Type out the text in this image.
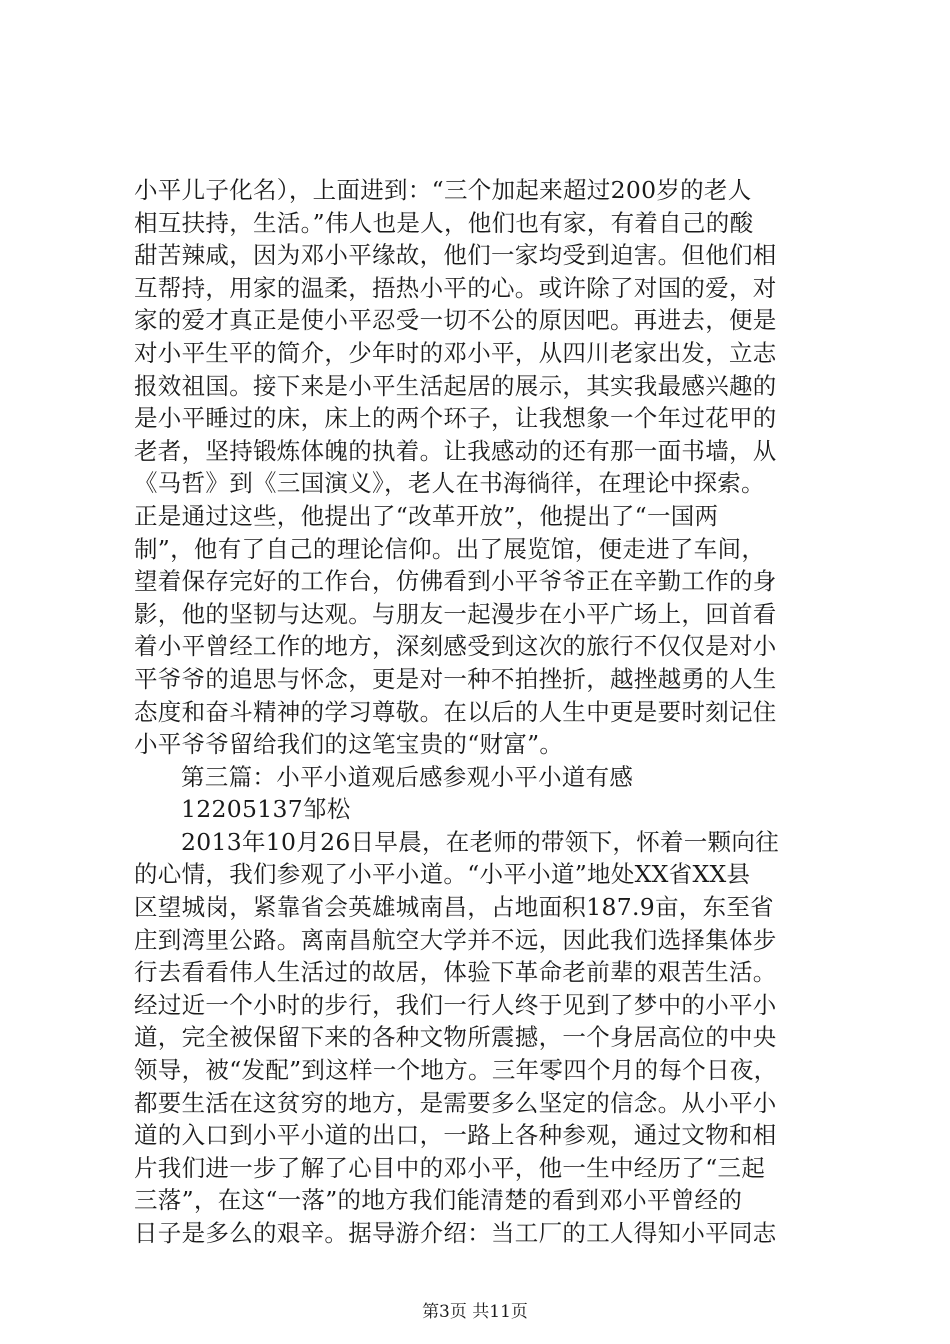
小平儿子化名），上面进到：“三个加起来超过200岁的老人
相互扶持，生活。”伟人也是人，他们也有家，有着自己的酸
甜苦辣咸，因为邓小平缘故，他们一家均受到迫害。但他们相
互帮持，用家的温柔，捂热小平的心。或许除了对国的爱，对
家的爱才真正是使小平忍受一切不公的原因吧。再进去，便是
对小平生平的简介，少年时的邓小平，从四川老家出发，立志
报效祖国。接下来是小平生活起居的展示，其实我最感兴趣的
是小平睡过的床，床上的两个环子，让我想象一个年过花甲的
老者，坚持锻炼体魄的执着。让我感动的还有那一面书墙，从
《马哲》到《三国演义》，老人在书海徜徉，在理论中探索。
正是通过这些，他提出了“改革开放”，他提出了“一国两
制”，他有了自己的理论信仰。出了展览馆，便走进了车间，
望着保存完好的工作台，仿佛看到小平爷爷正在辛勤工作的身
影，他的坚韧与达观。与朋友一起漫步在小平广场上，回首看
着小平曾经工作的地方，深刻感受到这次的旅行不仅仅是对小
平爷爷的追思与怀念，更是对一种不拍挫折，越挫越勇的人生
态度和奋斗精神的学习尊敬。在以后的人生中更是要时刻记住
小平爷爷留给我们的这笔宝贵的“财富”。
第三篇：小平小道观后感参观小平小道有感
12205137邹松
2013年10月26日早晨，在老师的带领下，怀着一颗向往
的心情，我们参观了小平小道。“小平小道”地处XX省XX县
区望城岗，紧靠省会英雄城南昌，占地面积187.9亩，东至省
庄到湾里公路。离南昌航空大学并不远，因此我们选择集体步
行去看看伟人生活过的故居，体验下革命老前辈的艰苦生活。
经过近一个小时的步行，我们一行人终于见到了梦中的小平小
道，完全被保留下来的各种文物所震撼，一个身居高位的中央
领导，被“发配”到这样一个地方。三年零四个月的每个日夜，
都要生活在这贫穷的地方，是需要多么坚定的信念。从小平小
道的入口到小平小道的出口，一路上各种参观，通过文物和相
片我们进一步了解了心目中的邓小平，他一生中经历了“三起
三落”，在这“一落”的地方我们能清楚的看到邓小平曾经的
日子是多么的艰辛。据导游介绍：当工厂的工人得知小平同志
第3页 共11页
